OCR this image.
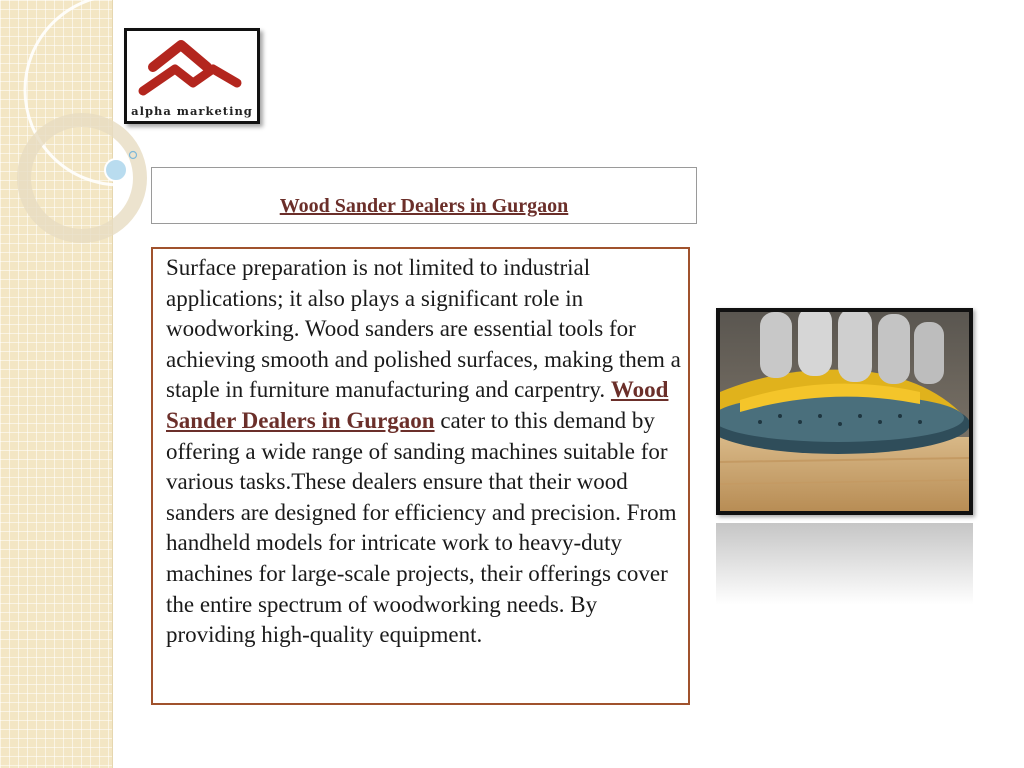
alpha marketing
Wood Sander Dealers in Gurgaon
Surface preparation is not limited to industrial applications; it also plays a significant role in woodworking. Wood sanders are essential tools for achieving smooth and polished surfaces, making them a staple in furniture manufacturing and carpentry. Wood Sander Dealers in Gurgaon cater to this demand by offering a wide range of sanding machines suitable for various tasks.These dealers ensure that their wood sanders are designed for efficiency and precision. From handheld models for intricate work to heavy-duty machines for large-scale projects, their offerings cover the entire spectrum of woodworking needs. By providing high-quality equipment.
